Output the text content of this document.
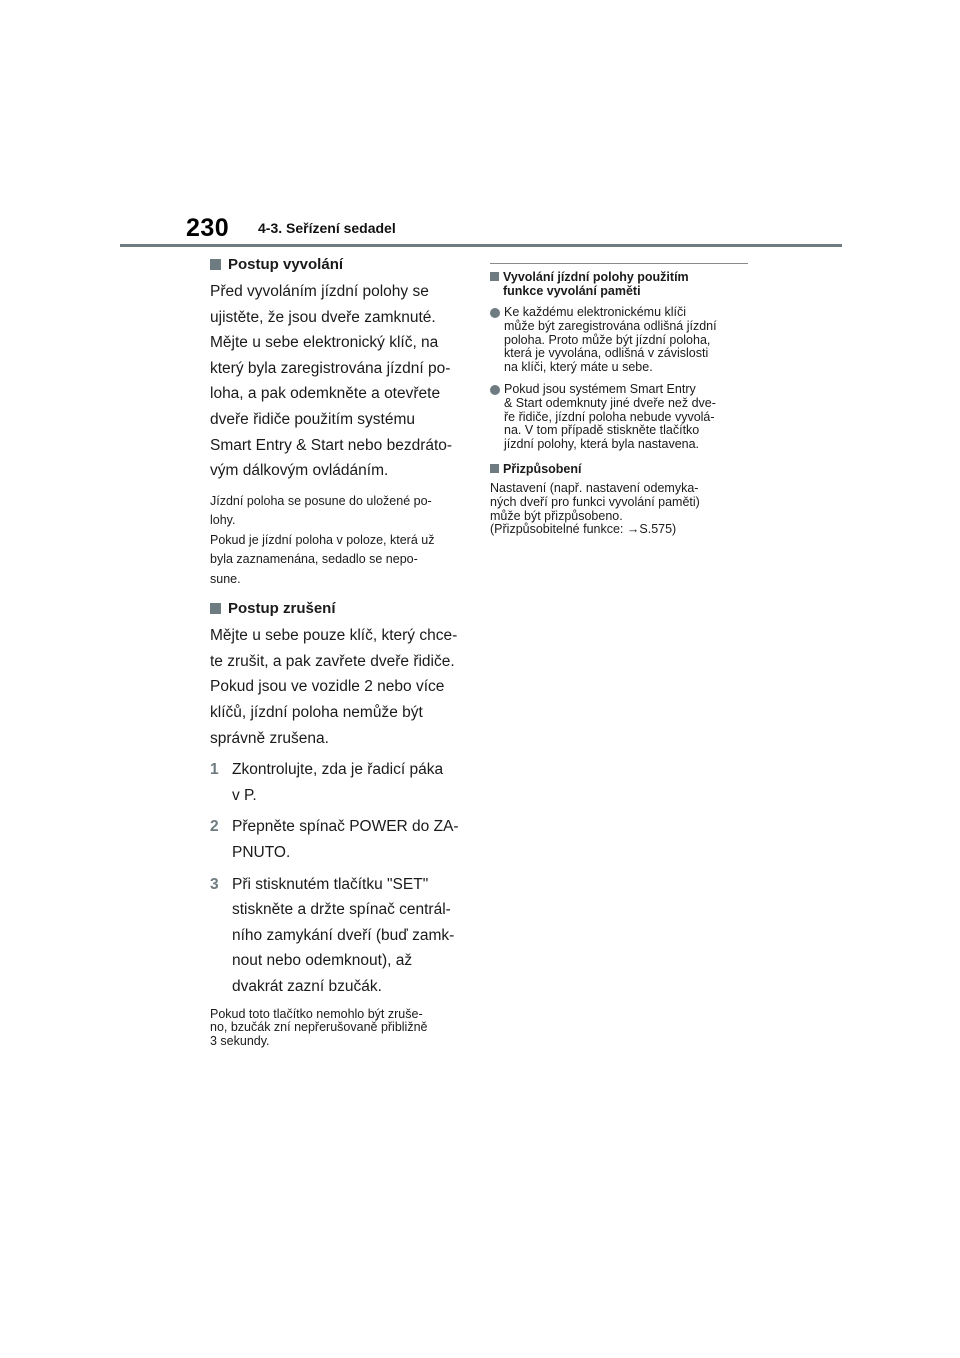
230 4-3. Seřízení sedadel
Postup vyvolání

Před vyvoláním jízdní polohy se
ujistěte, že jsou dveře zamknuté.
Mějte u sebe elektronický klíč, na
který byla zaregistrována jízdní po-
loha, a pak odemkněte a otevřete
dveře řidiče použitím systému
Smart Entry & Start nebo bezdráto-
vým dálkovým ovládáním.

Jízdní poloha se posune do uložené po-
lohy.
Pokud je jízdní poloha v poloze, která už
byla zaznamenána, sedadlo se nepo-
sune.

Postup zrušení

Mějte u sebe pouze klíč, který chce-
te zrušit, a pak zavřete dveře řidiče.
Pokud jsou ve vozidle 2 nebo více
klíčů, jízdní poloha nemůže být
správně zrušena.

1 Zkontrolujte, zda je řadicí páka
v P.
2 Přepněte spínač POWER do ZA-
PNUTO.
3 Při stisknutém tlačítku "SET"
stiskněte a držte spínač centrál-
ního zamykání dveří (buď zamk-
nout nebo odemknout), až
dvakrát zazní bzučák.

Pokud toto tlačítko nemohlo být zruše-
no, bzučák zní nepřerušovaně přibližně
3 sekundy.

Vyvolání jízdní polohy použitím
funkce vyvolání paměti
Ke každému elektronickému klíči
může být zaregistrována odlišná jízdní
poloha. Proto může být jízdní poloha,
která je vyvolána, odlišná v závislosti
na klíči, který máte u sebe.
Pokud jsou systémem Smart Entry
& Start odemknuty jiné dveře než dve-
ře řidiče, jízdní poloha nebude vyvolá-
na. V tom případě stiskněte tlačítko
jízdní polohy, která byla nastavena.
Přizpůsobení

Nastavení (např. nastavení odemyka-
ných dveří pro funkci vyvolání paměti)
může být přizpůsobeno.
(Přizpůsobitelné funkce: →S.575)
